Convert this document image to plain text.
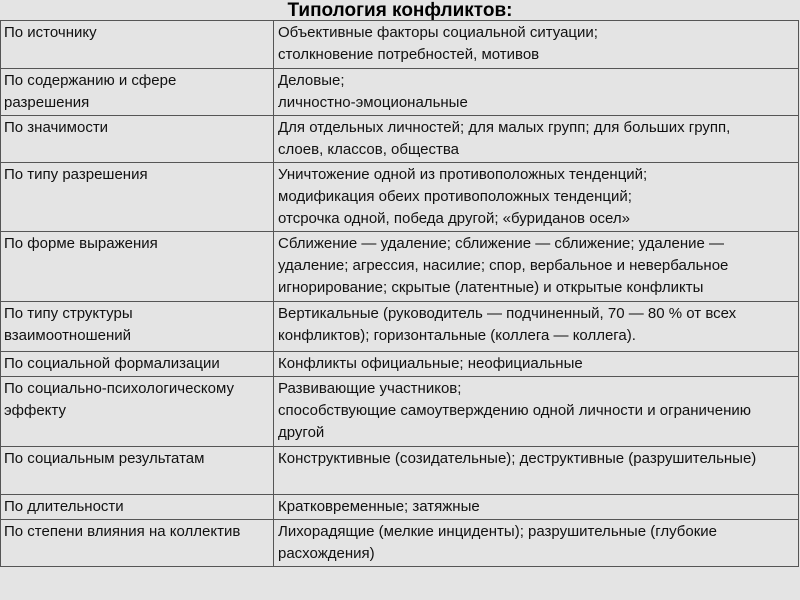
Типология конфликтов:
По источнику	Объективные факторы социальной ситуации;
столкновение потребностей, мотивов

По содержанию и сфере
разрешения	Деловые;
личностно-эмоциональные

По значимости	Для отдельных личностей; для малых групп; для больших групп,
слоев, классов, общества

По типу разрешения	Уничтожение одной из противоположных тенденций;
модификация обеих противоположных тенденций;
отсрочка одной, победа другой; «буриданов осел»

По форме выражения	Сближение — удаление; сближение — сближение; удаление —
удаление; агрессия, насилие; спор, вербальное и невербальное
игнорирование; скрытые (латентные) и открытые конфликты

По типу структуры
взаимоотношений	Вертикальные (руководитель — подчиненный, 70 — 80 % от всех
конфликтов); горизонтальные (коллега — коллега).

По социальной формализации	Конфликты официальные; неофициальные

По социально-психологическому
эффекту	Развивающие участников;
способствующие самоутверждению одной личности и ограничению
другой

По социальным результатам	Конструктивные (созидательные); деструктивные (разрушительные)

По длительности	Кратковременные; затяжные

По степени влияния на коллектив	Лихорадящие (мелкие инциденты); разрушительные (глубокие
расхождения)
